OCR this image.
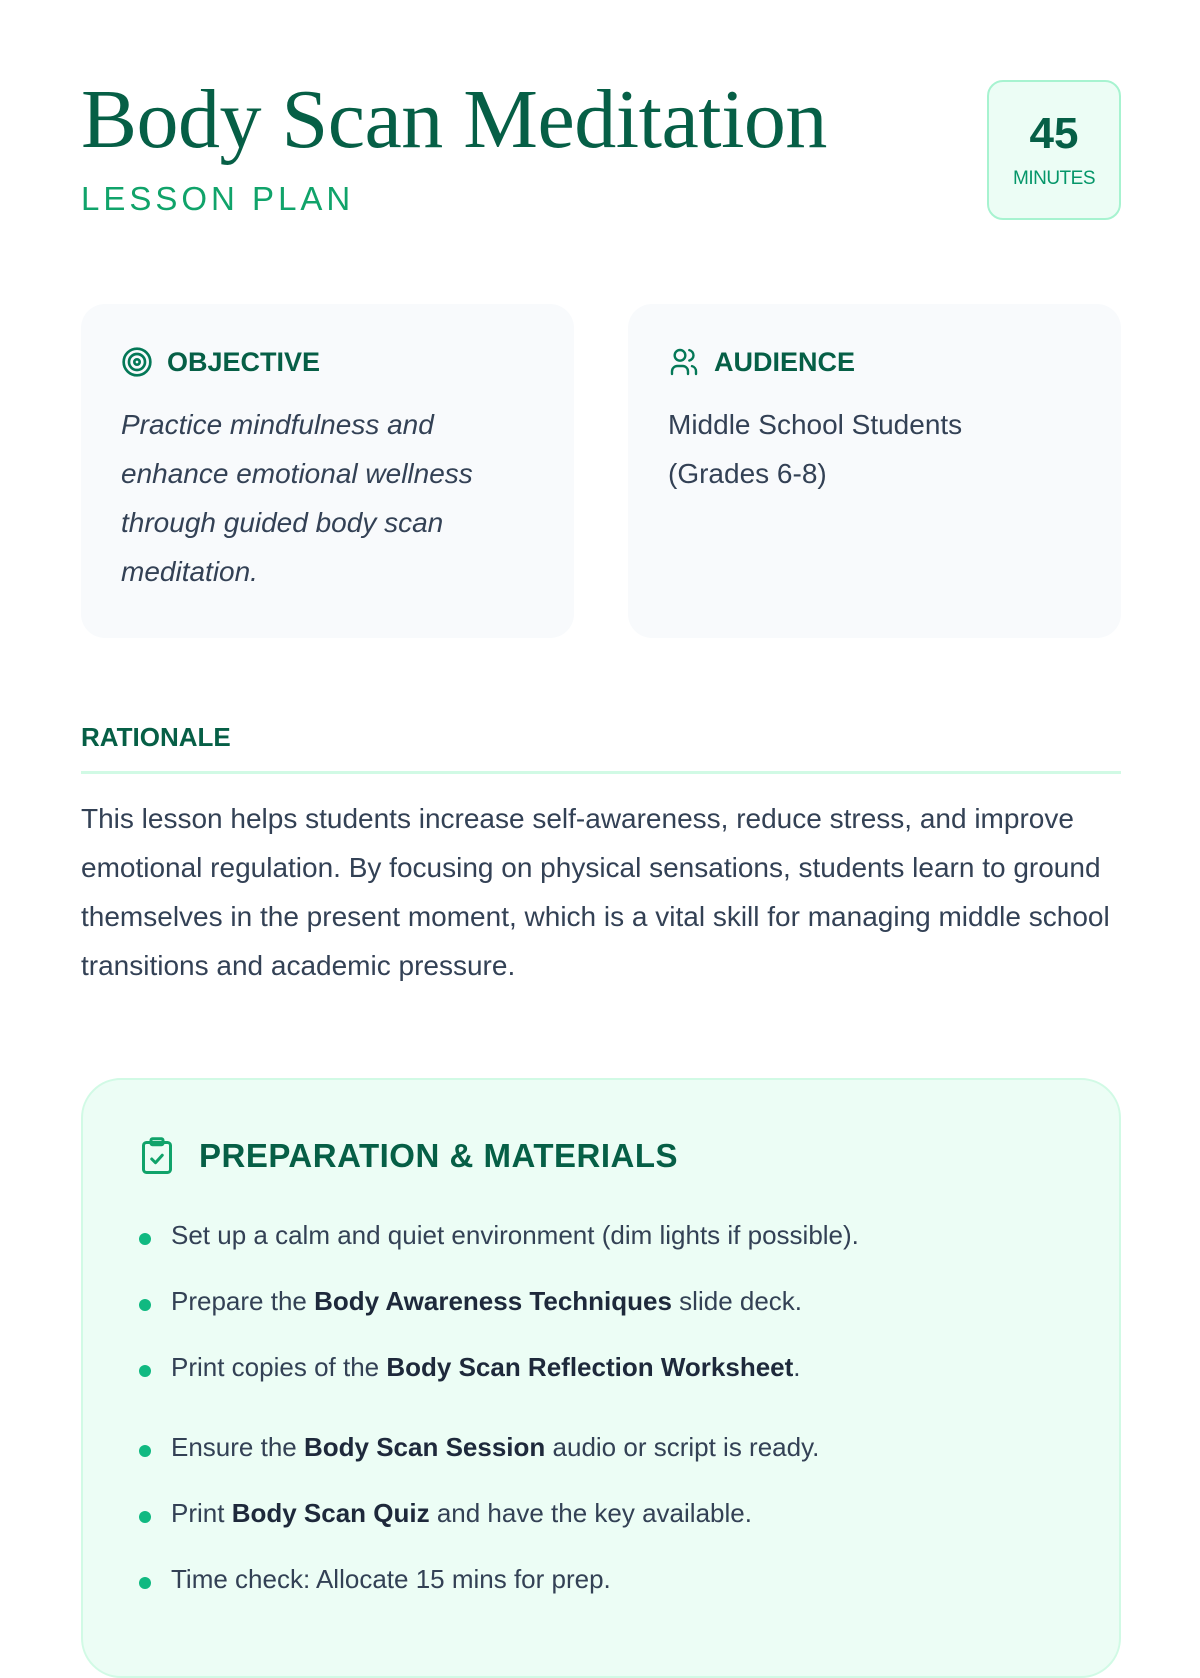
Body Scan Meditation
LESSON PLAN
45
MINUTES
OBJECTIVE

Practice mindfulness and enhance emotional wellness through guided body scan meditation.

AUDIENCE

Middle School Students (Grades 6-8)

RATIONALE

This lesson helps students increase self-awareness, reduce stress, and improve emotional regulation. By focusing on physical sensations, students learn to ground themselves in the present moment, which is a vital skill for managing middle school transitions and academic pressure.

PREPARATION & MATERIALS
Set up a calm and quiet environment (dim lights if possible).
Prepare the Body Awareness Techniques slide deck.
Print copies of the Body Scan Reflection Worksheet.
Ensure the Body Scan Session audio or script is ready.
Print Body Scan Quiz and have the key available.
Time check: Allocate 15 mins for prep.
